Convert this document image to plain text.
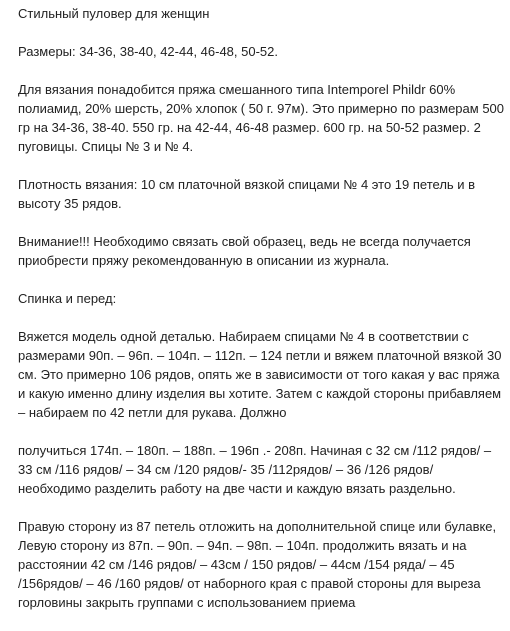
Стильный пуловер для женщин

Размеры: 34-36, 38-40, 42-44, 46-48, 50-52.

Для вязания понадобится пряжа смешанного типа Intemporel Phildr 60% полиамид, 20% шерсть, 20% хлопок ( 50 г. 97м). Это примерно по размерам 500 гр на 34-36, 38-40. 550 гр. на 42-44, 46-48 размер. 600 гр. на 50-52 размер. 2 пуговицы. Спицы № 3 и № 4.

Плотность вязания: 10 см платочной вязкой спицами № 4 это 19 петель и в высоту 35 рядов.

Внимание!!! Необходимо связать свой образец, ведь не всегда получается приобрести пряжу рекомендованную в описании из журнала.

Спинка и перед:

Вяжется модель одной деталью. Набираем спицами № 4 в соответствии с размерами 90п. – 96п. – 104п. – 112п. – 124 петли и вяжем платочной вязкой 30 см. Это примерно 106 рядов, опять же в зависимости от того какая у вас пряжа и какую именно длину изделия вы хотите. Затем с каждой стороны прибавляем – набираем по 42 петли для рукава. Должно

получиться 174п. – 180п. – 188п. – 196п .- 208п. Начиная с 32 см /112 рядов/ – 33 см /116 рядов/ – 34 см /120 рядов/- 35 /112рядов/ – 36 /126 рядов/ необходимо разделить работу на две части и каждую вязать раздельно.

Правую сторону из 87 петель отложить на дополнительной спице или булавке, Левую сторону из 87п. – 90п. – 94п. – 98п. – 104п. продолжить вязать и на расстоянии 42 см /146 рядов/ – 43см / 150 рядов/ – 44см /154 ряда/ – 45 /156рядов/ – 46 /160 рядов/ от наборного края с правой стороны для выреза горловины закрыть группами с использованием приема
